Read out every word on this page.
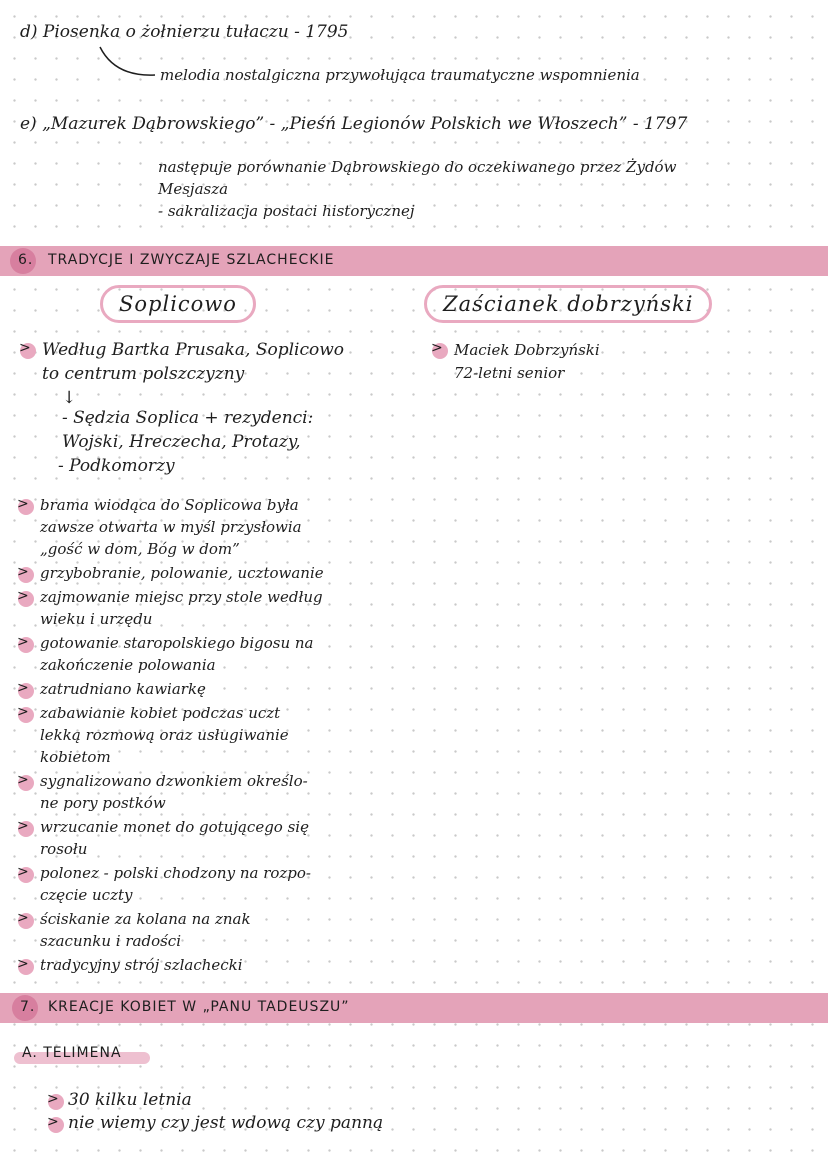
d) Piosenka o żołnierzu tułaczu - 1795
melodia nostalgiczna przywołująca traumatyczne wspomnienia
e) „Mazurek Dąbrowskiego” - „Pieśń Legionów Polskich we Włoszech” - 1797
następuje porównanie Dąbrowskiego do oczekiwanego przez Żydów
Mesjasza
- sakralizacja postaci historycznej
6. TRADYCJE I ZWYCZAJE SZLACHECKIE
Soplicowo	Zaścianek dobrzyński
>
Według Bartka Prusaka, Soplicowo
to centrum polszczyzny
↓
- Sędzia Soplica + rezydenci:
Wojski, Hreczecha, Protazy,
- Podkomorzy
>
brama wiodąca do Soplicowa była
zawsze otwarta w myśl przysłowia
„gość w dom, Bóg w dom”
>
grzybobranie, polowanie, ucztowanie
>
zajmowanie miejsc przy stole według
wieku i urzędu
>
gotowanie staropolskiego bigosu na
zakończenie polowania
>
zatrudniano kawiarkę
>
zabawianie kobiet podczas uczt
lekką rozmową oraz usługiwanie
kobietom
>
sygnalizowano dzwonkiem określo-
ne pory postków
>
wrzucanie monet do gotującego się
rosołu
>
polonez - polski chodzony na rozpo-
częcie uczty
>
ściskanie za kolana na znak
szacunku i radości
>
tradycyjny strój szlachecki
>
Maciek Dobrzyński
72-letni senior
7. KREACJE KOBIET W „PANU TADEUSZU”
A. TELIMENA
>
30 kilku letnia
>
nie wiemy czy jest wdową czy panną
